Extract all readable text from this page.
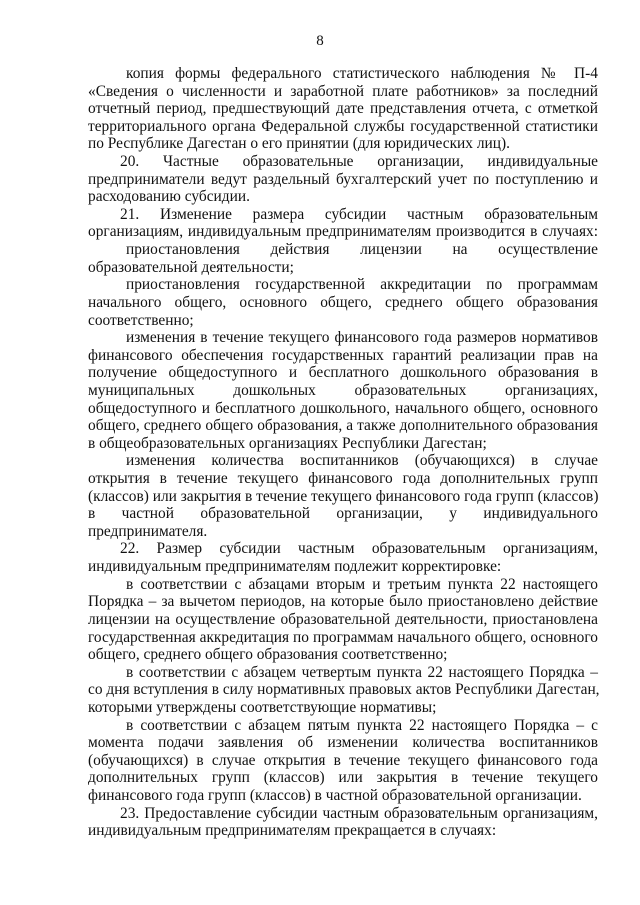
8
копия формы федерального статистического наблюдения № П-4
«Сведения о численности и заработной плате работников» за последний
отчетный период, предшествующий дате представления отчета, с отметкой
территориального органа Федеральной службы государственной статистики
по Республике Дагестан о его принятии (для юридических лиц).
20. Частные образовательные организации, индивидуальные
предприниматели ведут раздельный бухгалтерский учет по поступлению и
расходованию субсидии.
21. Изменение размера субсидии частным образовательным
организациям, индивидуальным предпринимателям производится в случаях:
приостановления действия лицензии на осуществление
образовательной деятельности;
приостановления государственной аккредитации по программам
начального общего, основного общего, среднего общего образования
соответственно;
изменения в течение текущего финансового года размеров нормативов
финансового обеспечения государственных гарантий реализации прав на
получение общедоступного и бесплатного дошкольного образования в
муниципальных дошкольных образовательных организациях,
общедоступного и бесплатного дошкольного, начального общего, основного
общего, среднего общего образования, а также дополнительного образования
в общеобразовательных организациях Республики Дагестан;
изменения количества воспитанников (обучающихся) в случае
открытия в течение текущего финансового года дополнительных групп
(классов) или закрытия в течение текущего финансового года групп (классов)
в частной образовательной организации, у индивидуального
предпринимателя.
22. Размер субсидии частным образовательным организациям,
индивидуальным предпринимателям подлежит корректировке:
в соответствии с абзацами вторым и третьим пункта 22 настоящего
Порядка – за вычетом периодов, на которые было приостановлено действие
лицензии на осуществление образовательной деятельности, приостановлена
государственная аккредитация по программам начального общего, основного
общего, среднего общего образования соответственно;
в соответствии с абзацем четвертым пункта 22 настоящего Порядка –
со дня вступления в силу нормативных правовых актов Республики Дагестан,
которыми утверждены соответствующие нормативы;
в соответствии с абзацем пятым пункта 22 настоящего Порядка – с
момента подачи заявления об изменении количества воспитанников
(обучающихся) в случае открытия в течение текущего финансового года
дополнительных групп (классов) или закрытия в течение текущего
финансового года групп (классов) в частной образовательной организации.
23. Предоставление субсидии частным образовательным организациям,
индивидуальным предпринимателям прекращается в случаях:
